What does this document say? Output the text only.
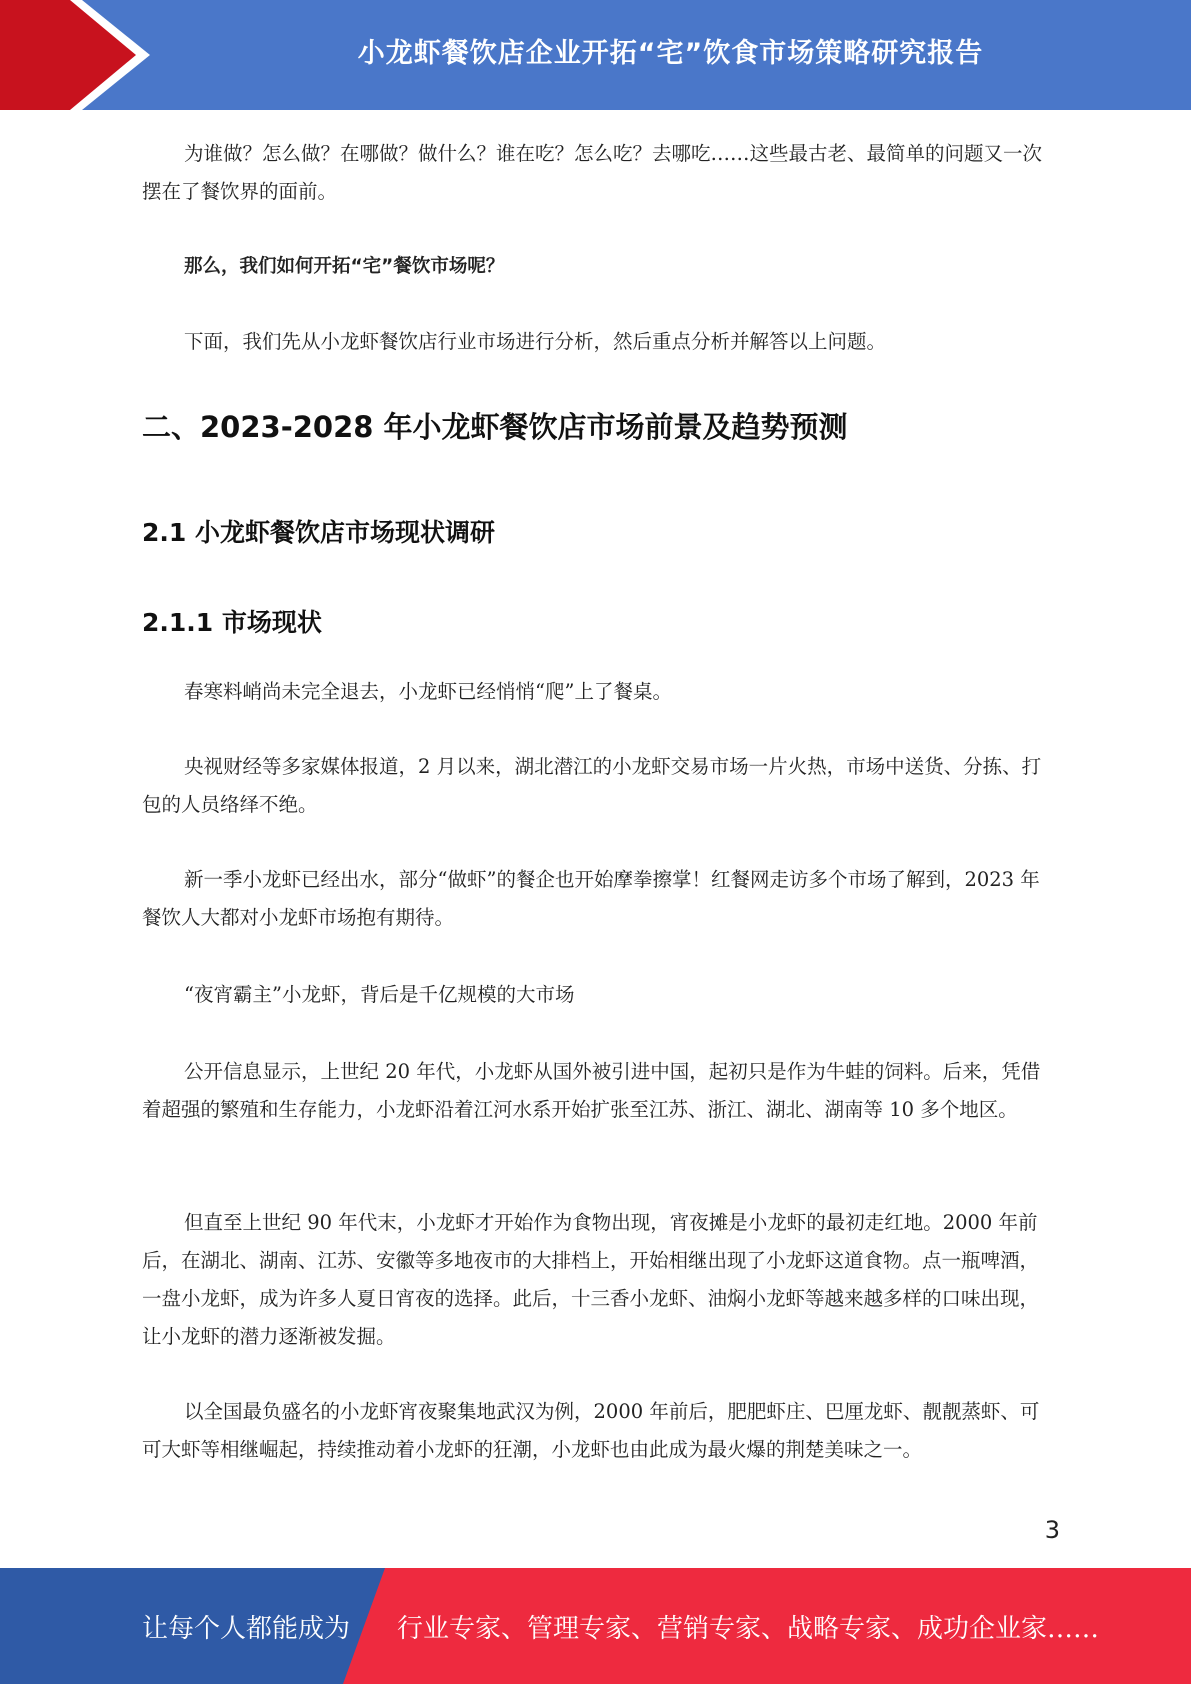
小龙虾餐饮店企业开拓“宅”饮食市场策略研究报告

为谁做？怎么做？在哪做？做什么？谁在吃？怎么吃？去哪吃……这些最古老、最简单的问题又一次摆在了餐饮界的面前。

那么，我们如何开拓“宅”餐饮市场呢？

下面，我们先从小龙虾餐饮店行业市场进行分析，然后重点分析并解答以上问题。

二、2023-2028 年小龙虾餐饮店市场前景及趋势预测
2.1 小龙虾餐饮店市场现状调研
2.1.1 市场现状

春寒料峭尚未完全退去，小龙虾已经悄悄“爬”上了餐桌。

央视财经等多家媒体报道，2 月以来，湖北潜江的小龙虾交易市场一片火热，市场中送货、分拣、打包的人员络绎不绝。

新一季小龙虾已经出水，部分“做虾”的餐企也开始摩拳擦掌！红餐网走访多个市场了解到，2023 年餐饮人大都对小龙虾市场抱有期待。

“夜宵霸主”小龙虾，背后是千亿规模的大市场

公开信息显示，上世纪 20 年代，小龙虾从国外被引进中国，起初只是作为牛蛙的饲料。后来，凭借着超强的繁殖和生存能力，小龙虾沿着江河水系开始扩张至江苏、浙江、湖北、湖南等 10 多个地区。

但直至上世纪 90 年代末，小龙虾才开始作为食物出现，宵夜摊是小龙虾的最初走红地。2000 年前后，在湖北、湖南、江苏、安徽等多地夜市的大排档上，开始相继出现了小龙虾这道食物。点一瓶啤酒，一盘小龙虾，成为许多人夏日宵夜的选择。此后，十三香小龙虾、油焖小龙虾等越来越多样的口味出现，让小龙虾的潜力逐渐被发掘。

以全国最负盛名的小龙虾宵夜聚集地武汉为例，2000 年前后，肥肥虾庄、巴厘龙虾、靓靓蒸虾、可可大虾等相继崛起，持续推动着小龙虾的狂潮，小龙虾也由此成为最火爆的荆楚美味之一。

3
让每个人都能成为 行业专家、管理专家、营销专家、战略专家、成功企业家……
